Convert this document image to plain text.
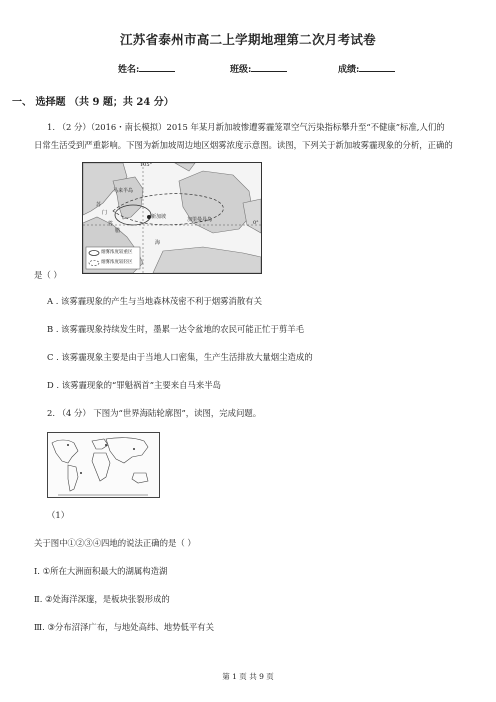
江苏省泰州市高二上学期地理第二次月考试卷
姓名:	班级:	成绩:
一、 选择题 （共 9 题；共 24 分）
1. （2 分）（2016・南长模拟）2015 年某月新加坡惨遭雾霾笼罩空气污染指标攀升至“不健康”标准,人们的
日常生活受到严重影响。下图为新加坡周边地区烟雾浓度示意图。读图，下列关于新加坡雾霾现象的分析，正确的
105°
0°
马来半岛
新加坡	加里曼丹岛
苏
门
答
腊
海
烟雾浓度较重区
烟雾浓度较轻区
是（ ）
A . 该雾霾现象的产生与当地森林茂密不利于烟雾消散有关
B . 该雾霾现象持续发生时，墨累一达令盆地的农民可能正忙于剪羊毛
C . 该雾霾现象主要是由于当地人口密集，生产生活排放大量烟尘造成的
D . 该雾霾现象的“罪魁祸首”主要来自马来半岛
2. （4 分） 下图为“世界海陆轮廓图”，读图，完成问题。
（1）
关于图中①②③④四地的说法正确的是（ ）
Ⅰ. ①所在大洲面积最大的湖属构造湖
Ⅱ. ②处海洋深邃，是板块张裂形成的
Ⅲ. ③分布沼泽广布，与地处高纬、地势低平有关
第 1 页 共 9 页
